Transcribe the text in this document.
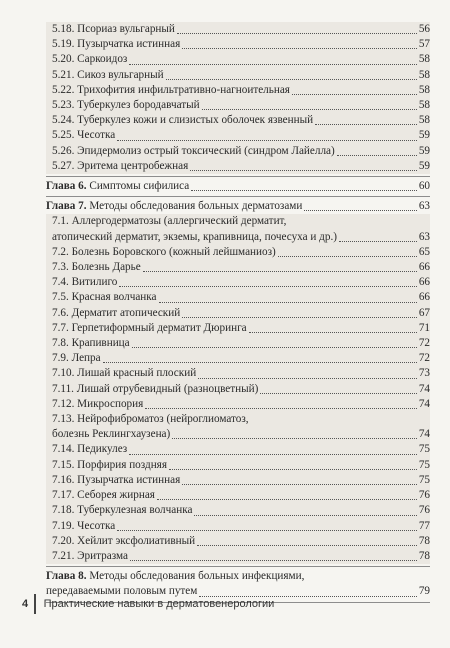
5.18. Псориаз вульгарный	56
5.19. Пузырчатка истинная	57
5.20. Саркоидоз	58
5.21. Сикоз вульгарный	58
5.22. Трихофития инфильтративно-нагноительная	58
5.23. Туберкулез бородавчатый	58
5.24. Туберкулез кожи и слизистых оболочек язвенный	58
5.25. Чесотка	59
5.26. Эпидермолиз острый токсический (синдром Лайелла)	59
5.27. Эритема центробежная	59
Глава 6. Симптомы сифилиса	60
Глава 7. Методы обследования больных дерматозами	63
7.1. Аллергодерматозы (аллергический дерматит,
атопический дерматит, экземы, крапивница, почесуха и др.)	63
7.2. Болезнь Боровского (кожный лейшманиоз)	65
7.3. Болезнь Дарье	66
7.4. Витилиго	66
7.5. Красная волчанка	66
7.6. Дерматит атопический	67
7.7. Герпетиформный дерматит Дюринга	71
7.8. Крапивница	72
7.9. Лепра	72
7.10. Лишай красный плоский	73
7.11. Лишай отрубевидный (разноцветный)	74
7.12. Микроспория	74
7.13. Нейрофиброматоз (нейроглиоматоз,
болезнь Реклингхаузена)	74
7.14. Педикулез	75
7.15. Порфирия поздняя	75
7.16. Пузырчатка истинная	75
7.17. Себорея жирная	76
7.18. Туберкулезная волчанка	76
7.19. Чесотка	77
7.20. Хейлит эксфолиативный	78
7.21. Эритразма	78
Глава 8. Методы обследования больных инфекциями,
передаваемыми половым путем	79
4 Практические навыки в дерматовенерологии
